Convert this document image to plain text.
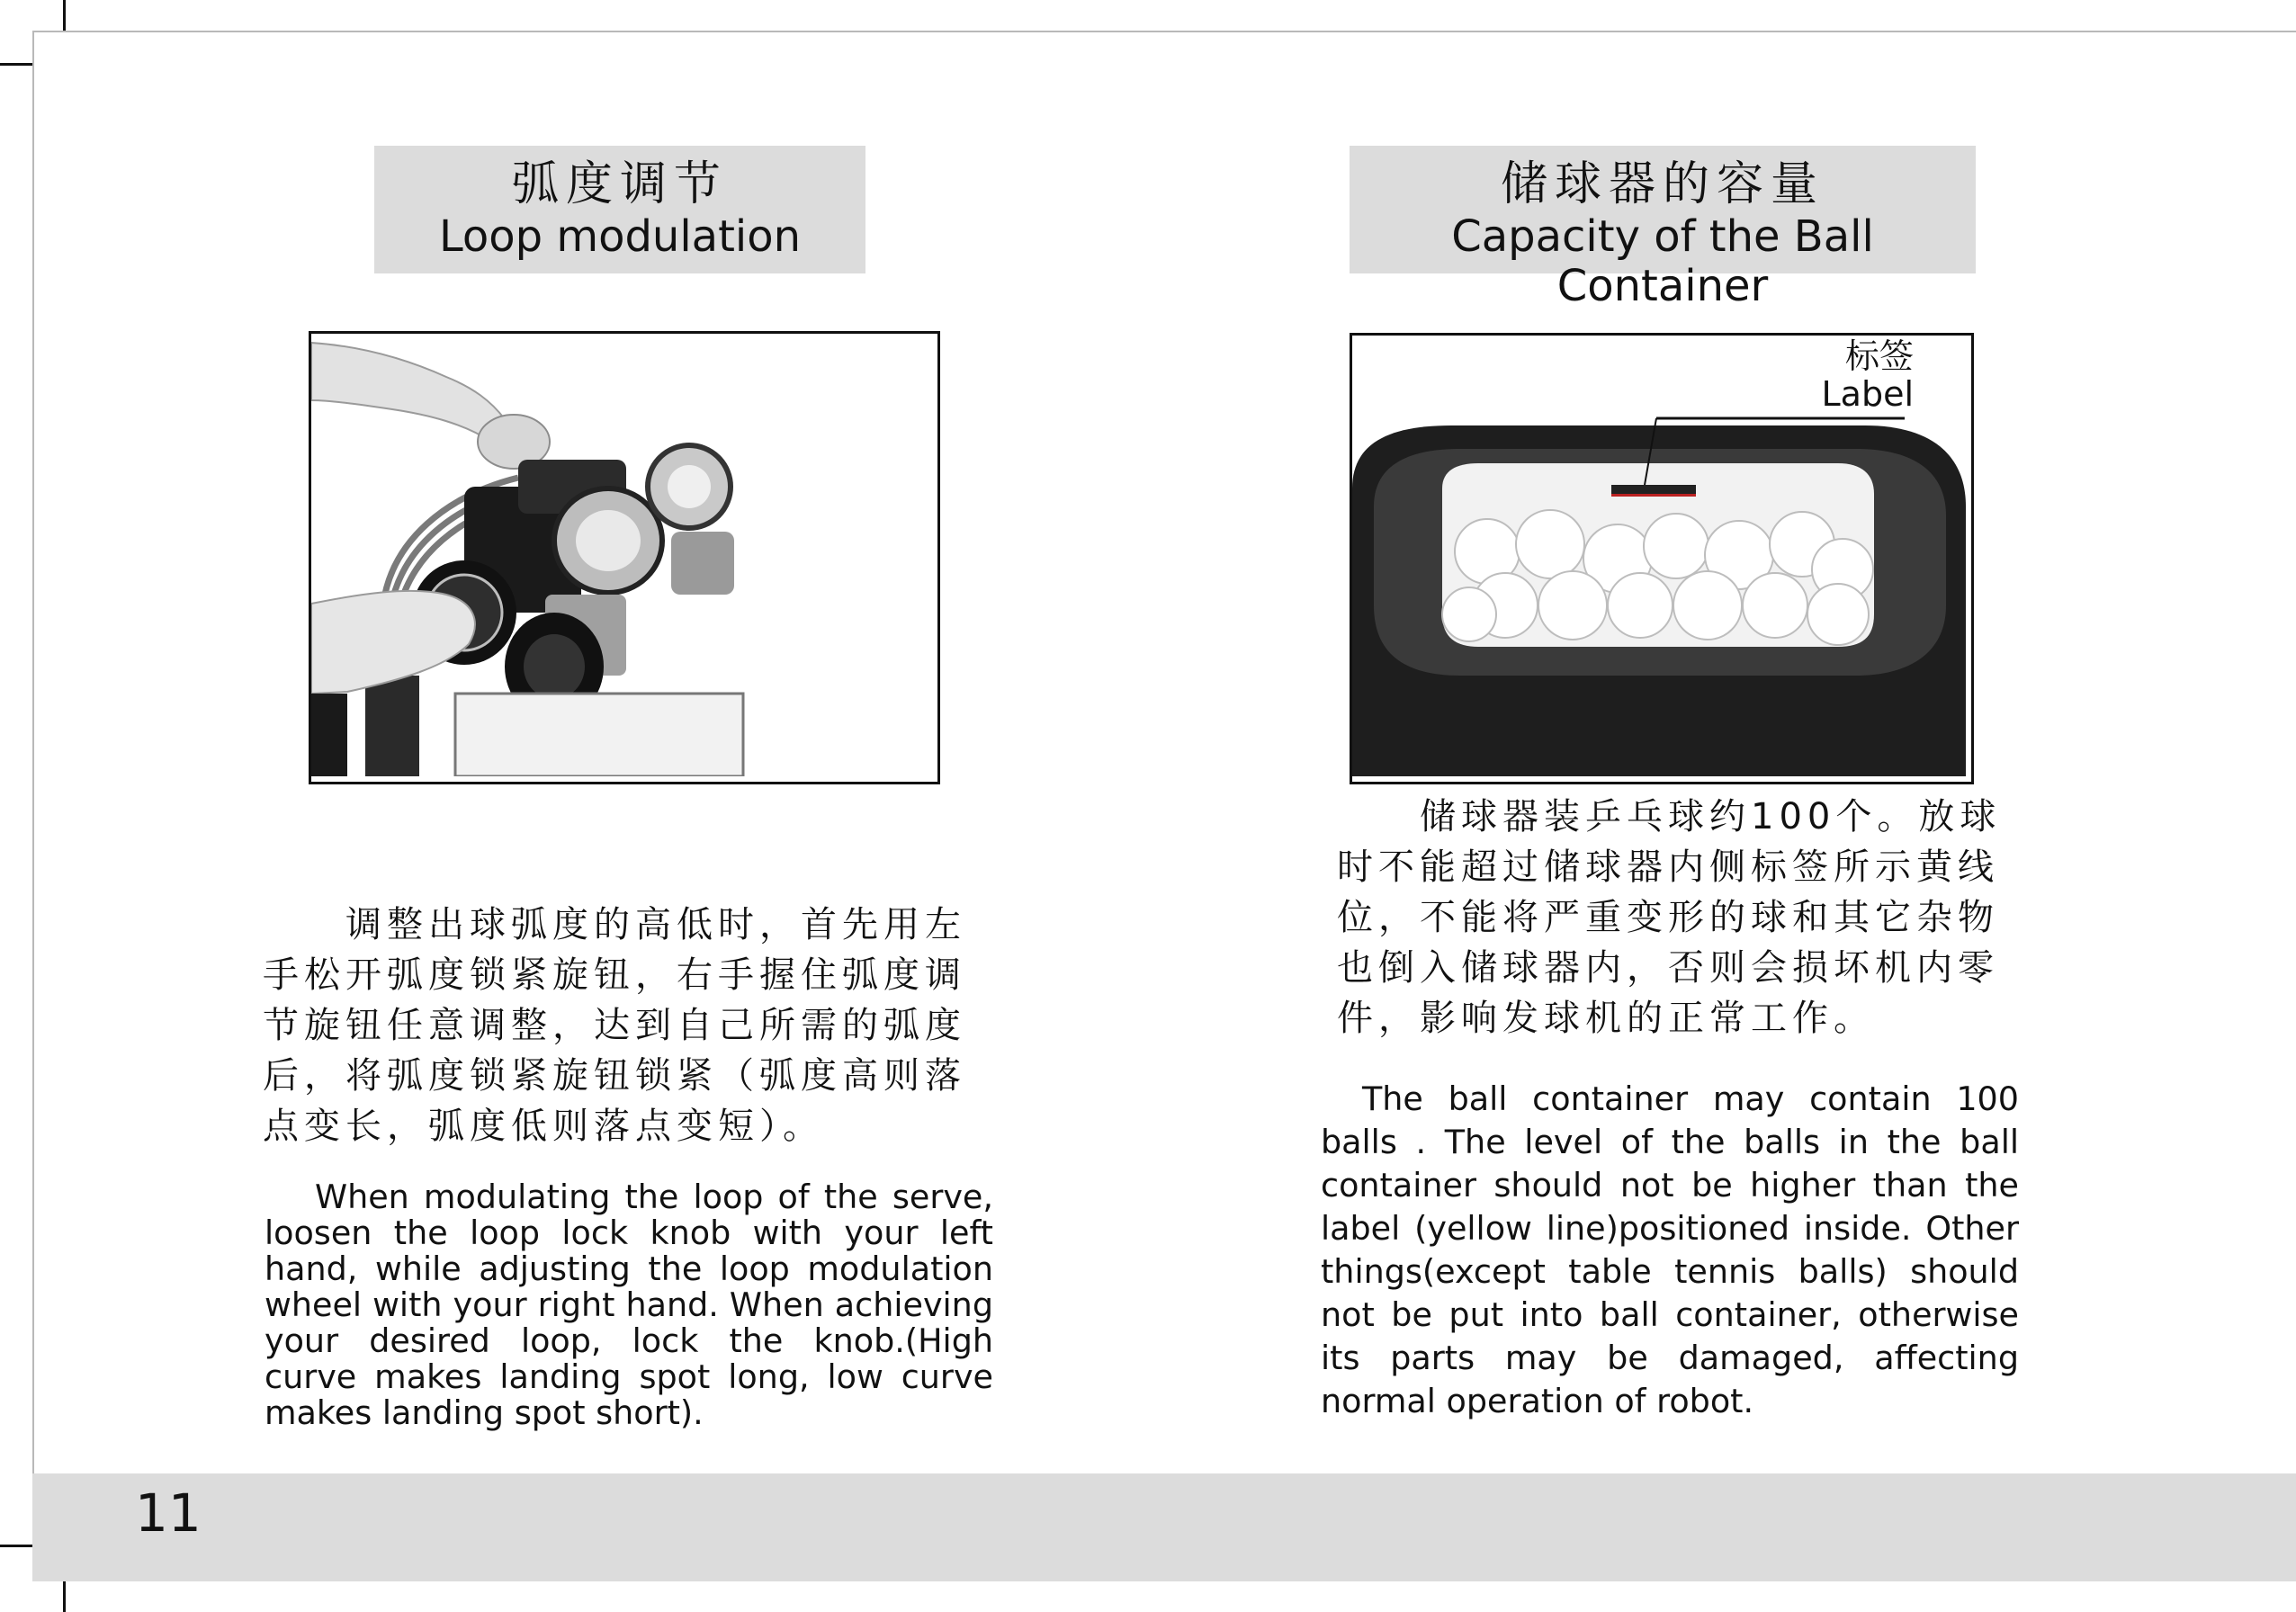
弧度调节
Loop modulation

　　调整出球弧度的高低时，首先用左手松开弧度锁紧旋钮，右手握住弧度调节旋钮任意调整，达到自己所需的弧度后，将弧度锁紧旋钮锁紧（弧度高则落点变长，弧度低则落点变短）。

When modulating the loop of the serve, loosen the loop lock knob with your left hand, while adjusting the loop modulation wheel with your right hand. When achieving your desired loop, lock the knob.(High curve makes landing spot long, low curve makes landing spot short).

储球器的容量
Capacity of the Ball Container
标签
Label

　　储球器装乒乓球约100个。放球时不能超过储球器内侧标签所示黄线位，不能将严重变形的球和其它杂物也倒入储球器内，否则会损坏机内零件，影响发球机的正常工作。

The ball container may contain 100 balls . The level of the balls in the ball container should not be higher than the label (yellow line)positioned inside. Other things(except table tennis balls) should not be put into ball container, otherwise its parts may be damaged, affecting normal operation of robot.

11
